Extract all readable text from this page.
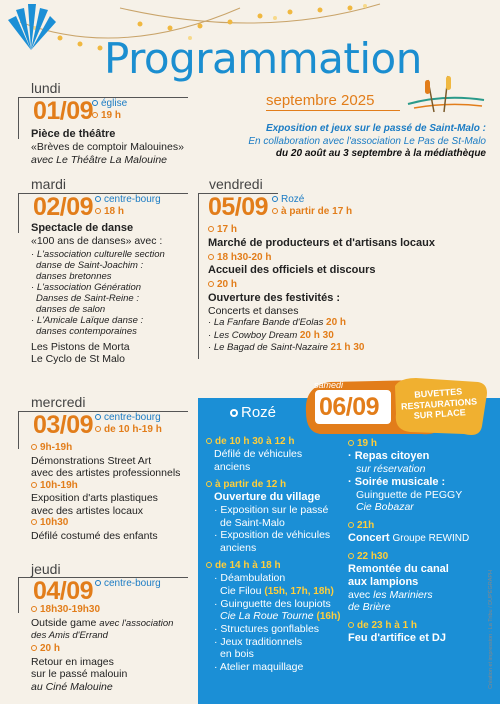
Programmation
septembre 2025
Exposition et jeux sur le passé de Saint-Malo :
En collaboration avec l'association Le Pas de St-Malo
du 20 août au 3 septembre à la médiathèque
lundi
01/09 église
19 h
Pièce de théâtre
«Brèves de comptoir Malouines»
avec Le Théâtre La Malouine
mardi
02/09	centre-bourg
18 h
Spectacle de danse
«100 ans de danses» avec :
· L'association culturelle section
danse de Saint-Joachim :
danses bretonnes
· L'association Génération
Danses de Saint-Reine :
danses de salon
· L'Amicale Laïque danse :
danses contemporaines
Les Pistons de Morta
Le Cyclo de St Malo
mercredi
03/09	centre-bourg
de 10 h-19 h
9h-19h
Démonstrations Street Art
avec des artistes professionnels
10h-19h
Exposition d'arts plastiques
avec des artistes locaux
10h30
Défilé costumé des enfants
jeudi
04/09	centre-bourg
18h30-19h30
Outside game avec l'association
des Amis d'Errand
20 h
Retour en images
sur le passé malouin
au Ciné Malouine
vendredi
05/09	Rozé
à partir de 17 h
17 h
Marché de producteurs et d'artisans locaux
18 h30-20 h
Accueil des officiels et discours
20 h
Ouverture des festivités :
Concerts et danses
· La Fanfare Bande d'Eolas 20 h
· Les Cowboy Dream 20 h 30
· Le Bagad de Saint-Nazaire 21 h 30
Rozé
de 10 h 30 à 12 h
Défilé de véhicules
anciens
à partir de 12 h
Ouverture du village
· Exposition sur le passé
de Saint-Malo
· Exposition de véhicules
anciens
de 14 h à 18 h
· Déambulation
Cie Filou (15h, 17h, 18h)
· Guinguette des loupiots
Cie La Roue Tourne (16h)
· Structures gonflables
· Jeux traditionnels
en bois
· Atelier maquillage
19 h
· Repas citoyen
sur réservation
· Soirée musicale :
Guinguette de PEGGY
Cie Bobazar
21h
Concert Groupe REWIND
22 h30
Remontée du canal
aux lampions
avec les Mariniers
de Brière
de 23 h à 1 h
Feu d'artifice et DJ
samedi
06/09	BUVETTES RESTAURATIONS SUR PLACE
Création et impression : La Tribu / DUPÉGRAPH
